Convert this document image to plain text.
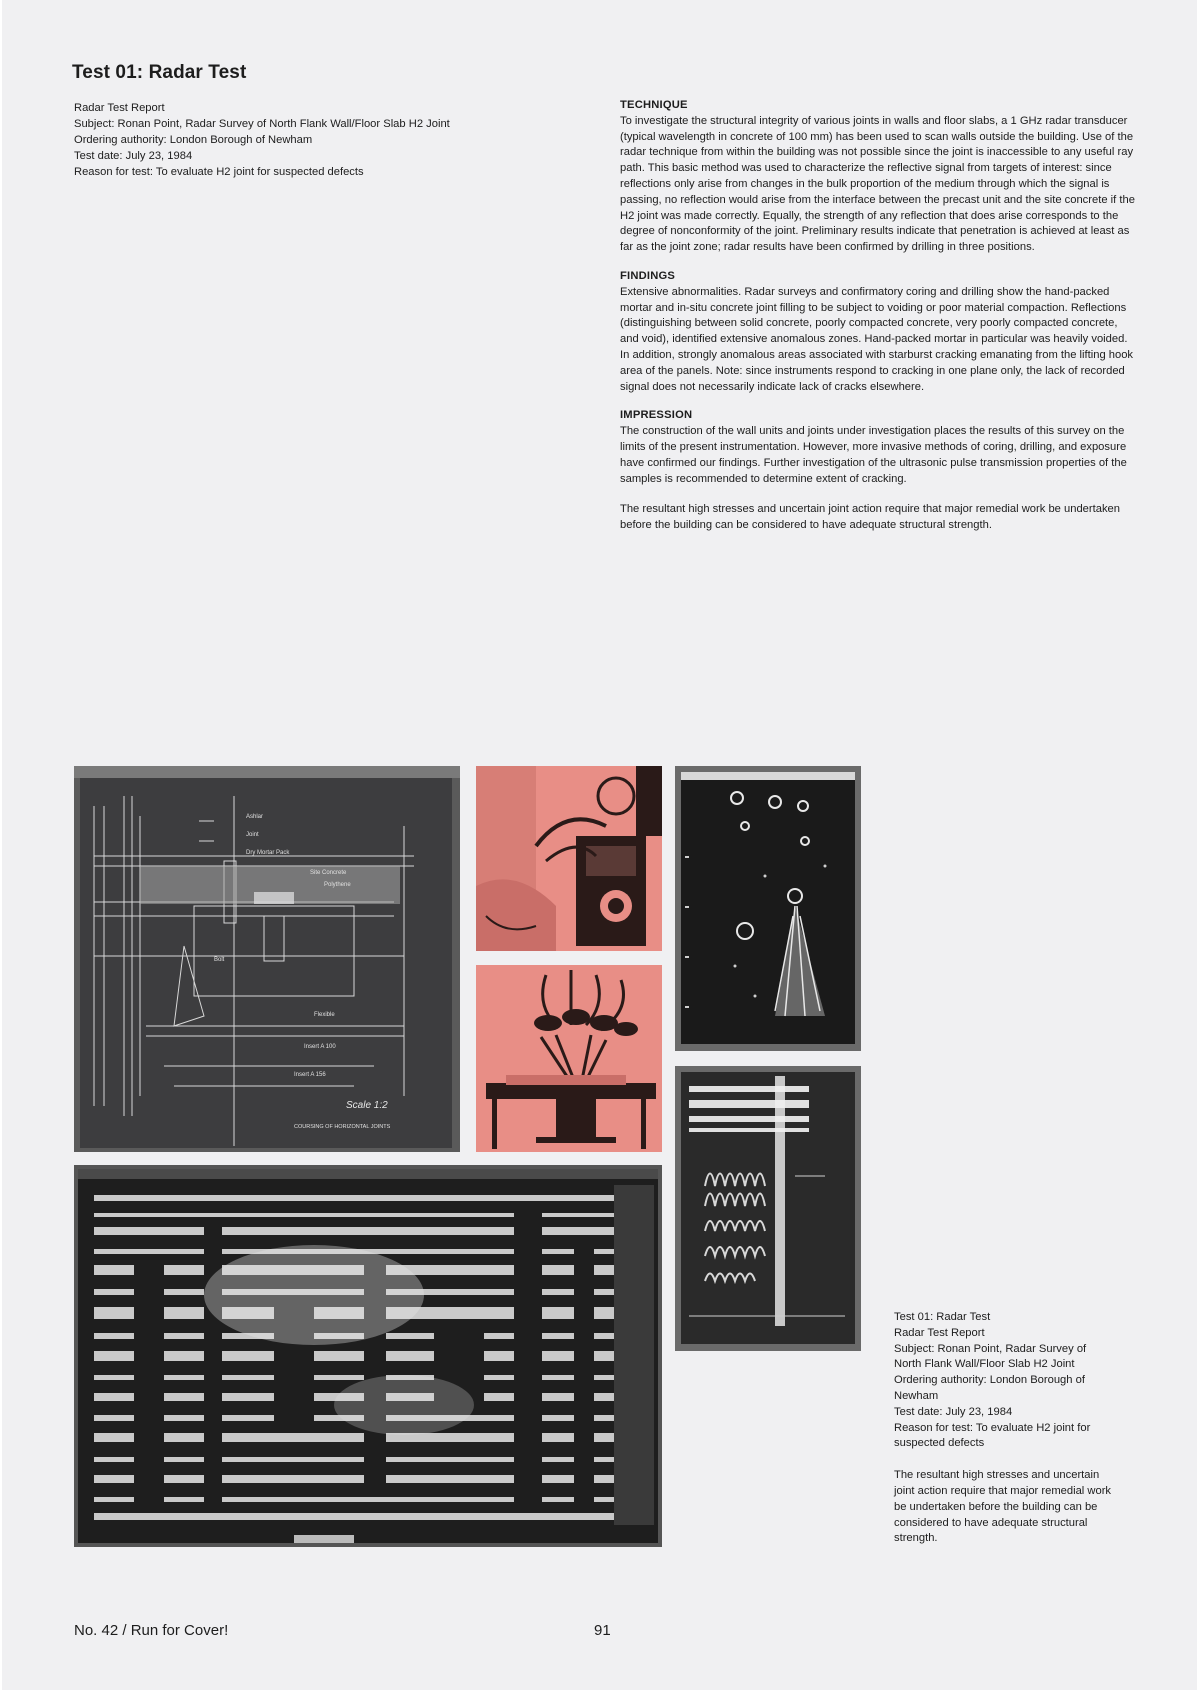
Test 01: Radar Test
Radar Test Report
Subject: Ronan Point, Radar Survey of North Flank Wall/Floor Slab H2 Joint
Ordering authority: London Borough of Newham
Test date: July 23, 1984
Reason for test: To evaluate H2 joint for suspected defects
TECHNIQUE

To investigate the structural integrity of various joints in walls and floor slabs, a 1 GHz radar transducer (typical wavelength in concrete of 100 mm) has been used to scan walls outside the building. Use of the radar technique from within the building was not possible since the joint is inaccessible to any useful ray path. This basic method was used to characterize the reflective signal from targets of interest: since reflections only arise from changes in the bulk proportion of the medium through which the signal is passing, no reflection would arise from the interface between the precast unit and the site concrete if the H2 joint was made correctly. Equally, the strength of any reflection that does arise corresponds to the degree of nonconformity of the joint. Preliminary results indicate that penetration is achieved at least as far as the joint zone; radar results have been confirmed by drilling in three positions.

FINDINGS

Extensive abnormalities. Radar surveys and confirmatory coring and drilling show the hand-packed mortar and in-situ concrete joint filling to be subject to voiding or poor material compaction. Reflections (distinguishing between solid concrete, poorly compacted concrete, very poorly compacted concrete, and void), identified extensive anomalous zones. Hand-packed mortar in particular was heavily voided. In addition, strongly anomalous areas associated with starburst cracking emanating from the lifting hook area of the panels. Note: since instruments respond to cracking in one plane only, the lack of recorded signal does not necessarily indicate lack of cracks elsewhere.

IMPRESSION

The construction of the wall units and joints under investigation places the results of this survey on the limits of the present instrumentation. However, more invasive methods of coring, drilling, and exposure have confirmed our findings. Further investigation of the ultrasonic pulse transmission properties of the samples is recommended to determine extent of cracking.

The resultant high stresses and uncertain joint action require that major remedial work be undertaken before the building can be considered to have adequate structural strength.

Ashlar
Joint
Dry Mortar Pack
Site Concrete
Polythene
Bolt
Flexible
Insert A 100
Insert A 156
Scale 1:2
COURSING OF HORIZONTAL JOINTS
Test 01: Radar Test
Radar Test Report
Subject: Ronan Point, Radar Survey of
North Flank Wall/Floor Slab H2 Joint
Ordering authority: London Borough of
Newham
Test date: July 23, 1984
Reason for test: To evaluate H2 joint for
suspected defects
The resultant high stresses and uncertain
joint action require that major remedial work
be undertaken before the building can be
considered to have adequate structural
strength.
No. 42 / Run for Cover!	91
